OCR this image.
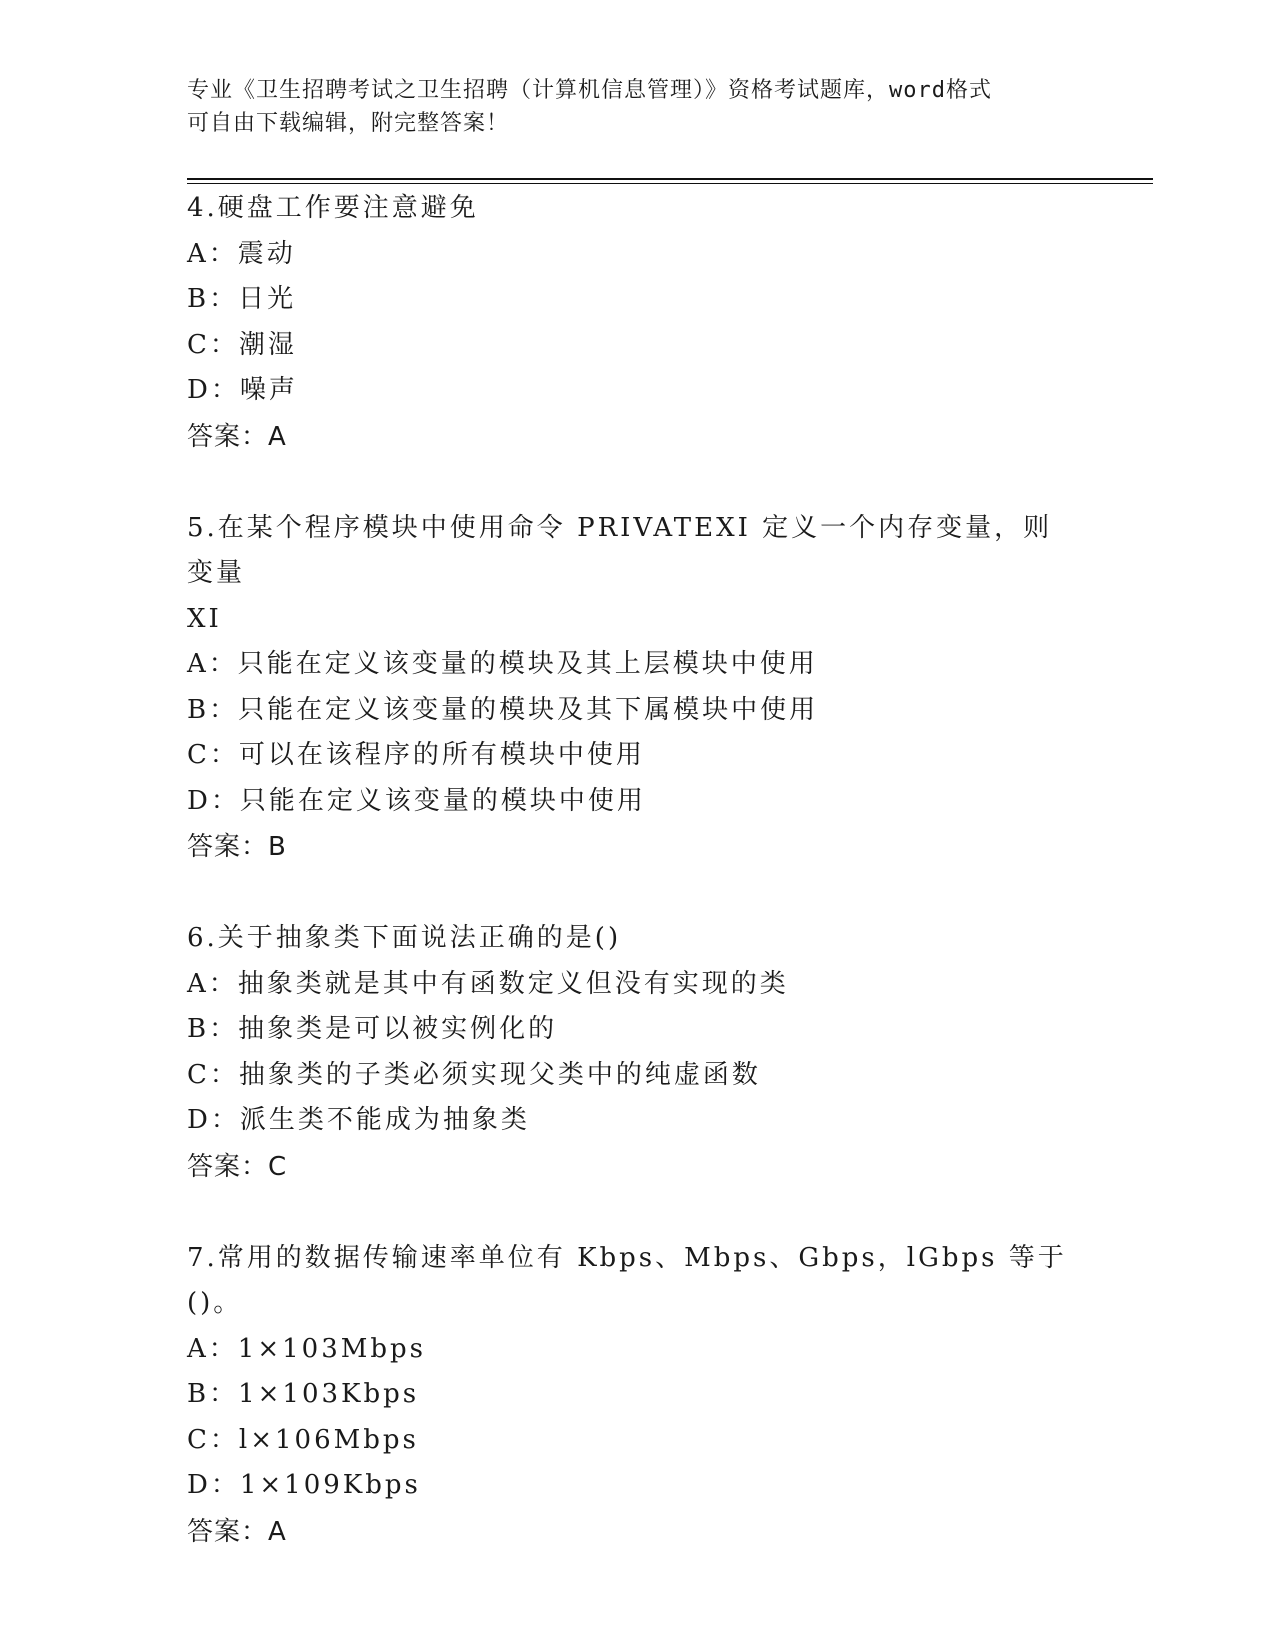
专业《卫生招聘考试之卫生招聘（计算机信息管理）》资格考试题库，word格式
可自由下载编辑，附完整答案！
4.硬盘工作要注意避免
A：震动
B：日光
C：潮湿
D：噪声
答案：A
5.在某个程序模块中使用命令 PRIVATEXI 定义一个内存变量，则变量
XI
A：只能在定义该变量的模块及其上层模块中使用
B：只能在定义该变量的模块及其下属模块中使用
C：可以在该程序的所有模块中使用
D：只能在定义该变量的模块中使用
答案：B
6.关于抽象类下面说法正确的是()
A：抽象类就是其中有函数定义但没有实现的类
B：抽象类是可以被实例化的
C：抽象类的子类必须实现父类中的纯虚函数
D：派生类不能成为抽象类
答案：C
7.常用的数据传输速率单位有 Kbps、Mbps、Gbps，lGbps 等于()。
A：1×103Mbps
B：1×103Kbps
C：l×106Mbps
D：1×109Kbps
答案：A
